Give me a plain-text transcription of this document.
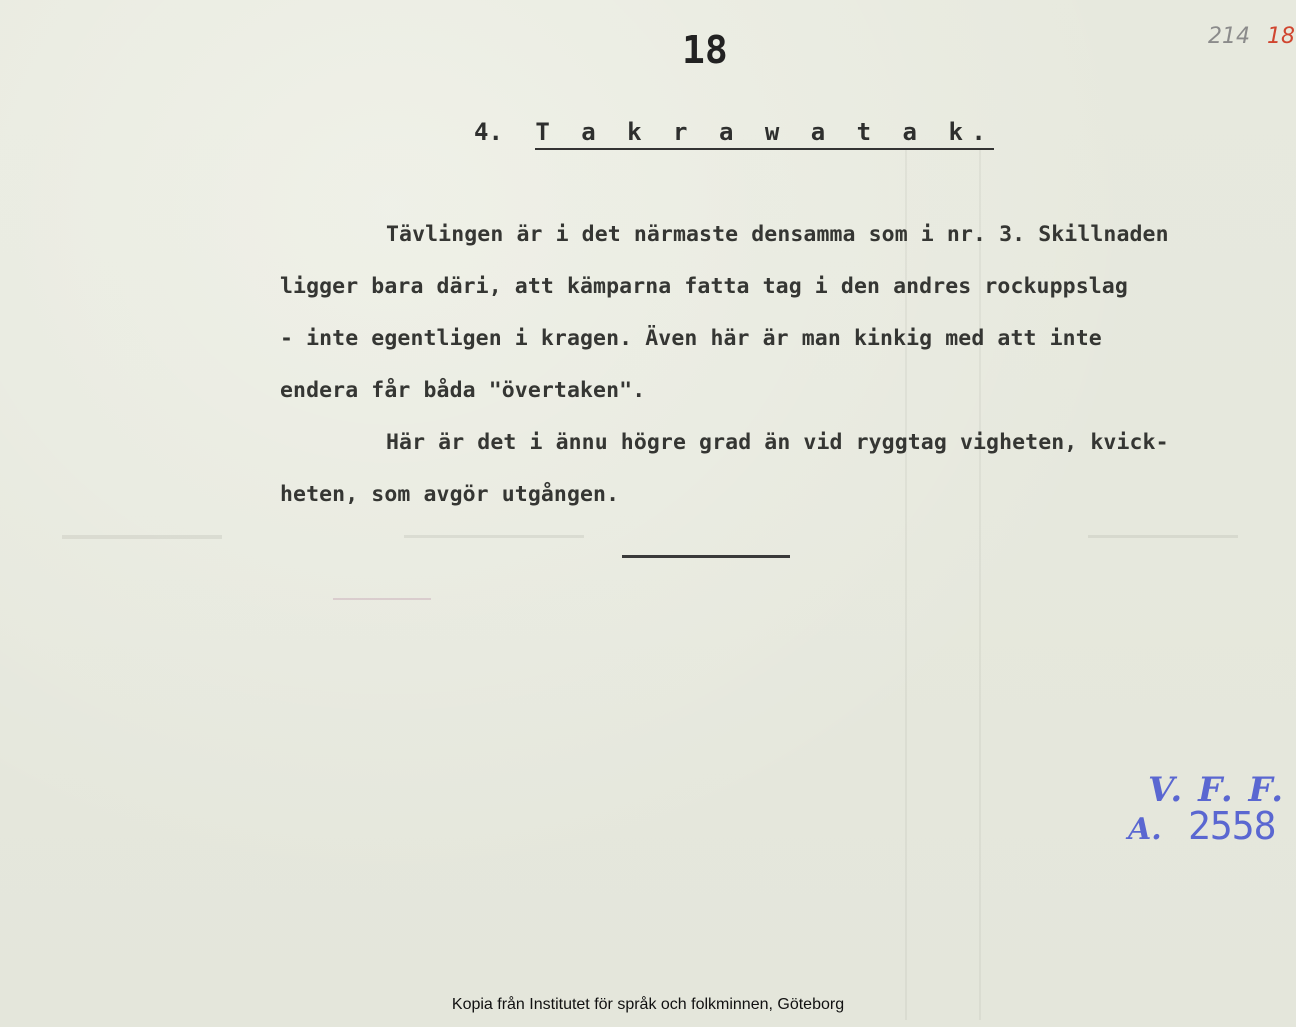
18	214 18
4. T a k r a w a t a k.
Tävlingen är i det närmaste densamma som i nr. 3. Skillnaden
ligger bara däri, att kämparna fatta tag i den andres rockuppslag
- inte egentligen i kragen. Även här är man kinkig med att inte
endera får båda "övertaken".
Här är det i ännu högre grad än vid ryggtag vigheten, kvick-
heten, som avgör utgången.
V. F. F.
A. 2558
Kopia från Institutet för språk och folkminnen, Göteborg
